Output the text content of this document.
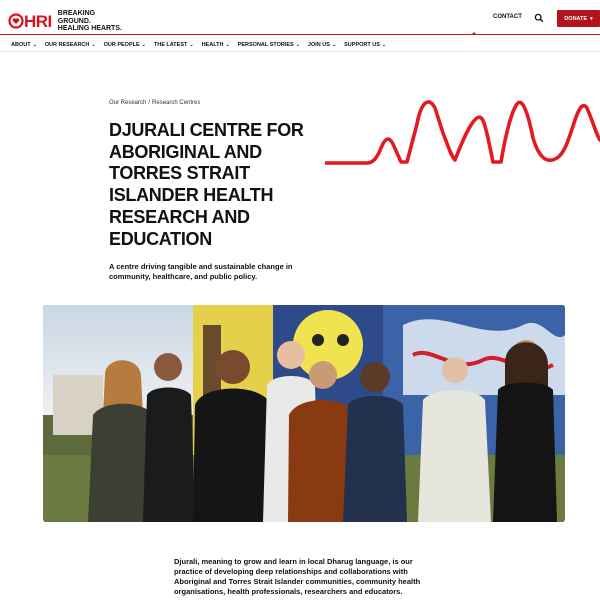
HRI BREAKING GROUND.
HEALING HEARTS.
CONTACT	DONATE ▾
ABOUT ⌄ OUR RESEARCH ⌄ OUR PEOPLE ⌄ THE LATEST ⌄ HEALTH ⌄ PERSONAL STORIES ⌄ JOIN US ⌄ SUPPORT US ⌄
Our Research / Research Centres
DJURALI CENTRE FOR
ABORIGINAL AND
TORRES STRAIT
ISLANDER HEALTH
RESEARCH AND
EDUCATION
A centre driving tangible and sustainable change in community, healthcare, and public policy.
Djurali, meaning to grow and learn in local Dharug language, is our practice of developing deep relationships and collaborations with Aboriginal and Torres Strait Islander communities, community health organisations, health professionals, researchers and educators.
